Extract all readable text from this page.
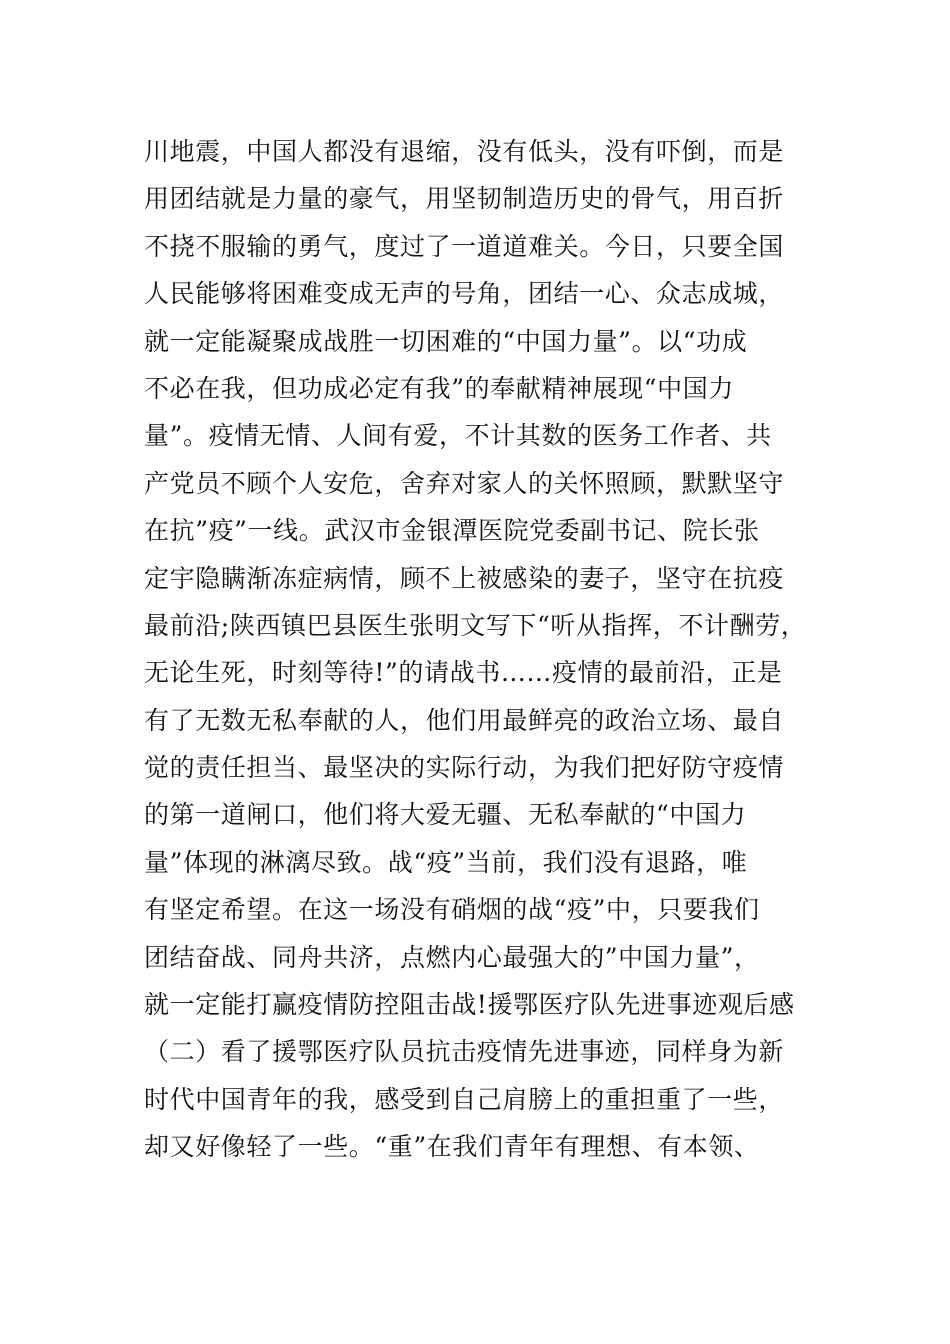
川地震，中国人都没有退缩，没有低头，没有吓倒，而是
用团结就是力量的豪气，用坚韧制造历史的骨气，用百折
不挠不服输的勇气，度过了一道道难关。今日，只要全国
人民能够将困难变成无声的号角，团结一心、众志成城，
就一定能凝聚成战胜一切困难的“中国力量”。以“功成
不必在我，但功成必定有我”的奉献精神展现“中国力
量”。疫情无情、人间有爱，不计其数的医务工作者、共
产党员不顾个人安危，舍弃对家人的关怀照顾，默默坚守
在抗”疫”一线。武汉市金银潭医院党委副书记、院长张
定宇隐瞒渐冻症病情，顾不上被感染的妻子，坚守在抗疫
最前沿;陕西镇巴县医生张明文写下“听从指挥，不计酬劳，
无论生死，时刻等待!”的请战书……疫情的最前沿，正是
有了无数无私奉献的人，他们用最鲜亮的政治立场、最自
觉的责任担当、最坚决的实际行动，为我们把好防守疫情
的第一道闸口，他们将大爱无疆、无私奉献的“中国力
量”体现的淋漓尽致。战“疫”当前，我们没有退路，唯
有坚定希望。在这一场没有硝烟的战“疫”中，只要我们
团结奋战、同舟共济，点燃内心最强大的”中国力量”，
就一定能打赢疫情防控阻击战!援鄂医疗队先进事迹观后感
（二）看了援鄂医疗队员抗击疫情先进事迹，同样身为新
时代中国青年的我，感受到自己肩膀上的重担重了一些，
却又好像轻了一些。“重”在我们青年有理想、有本领、
